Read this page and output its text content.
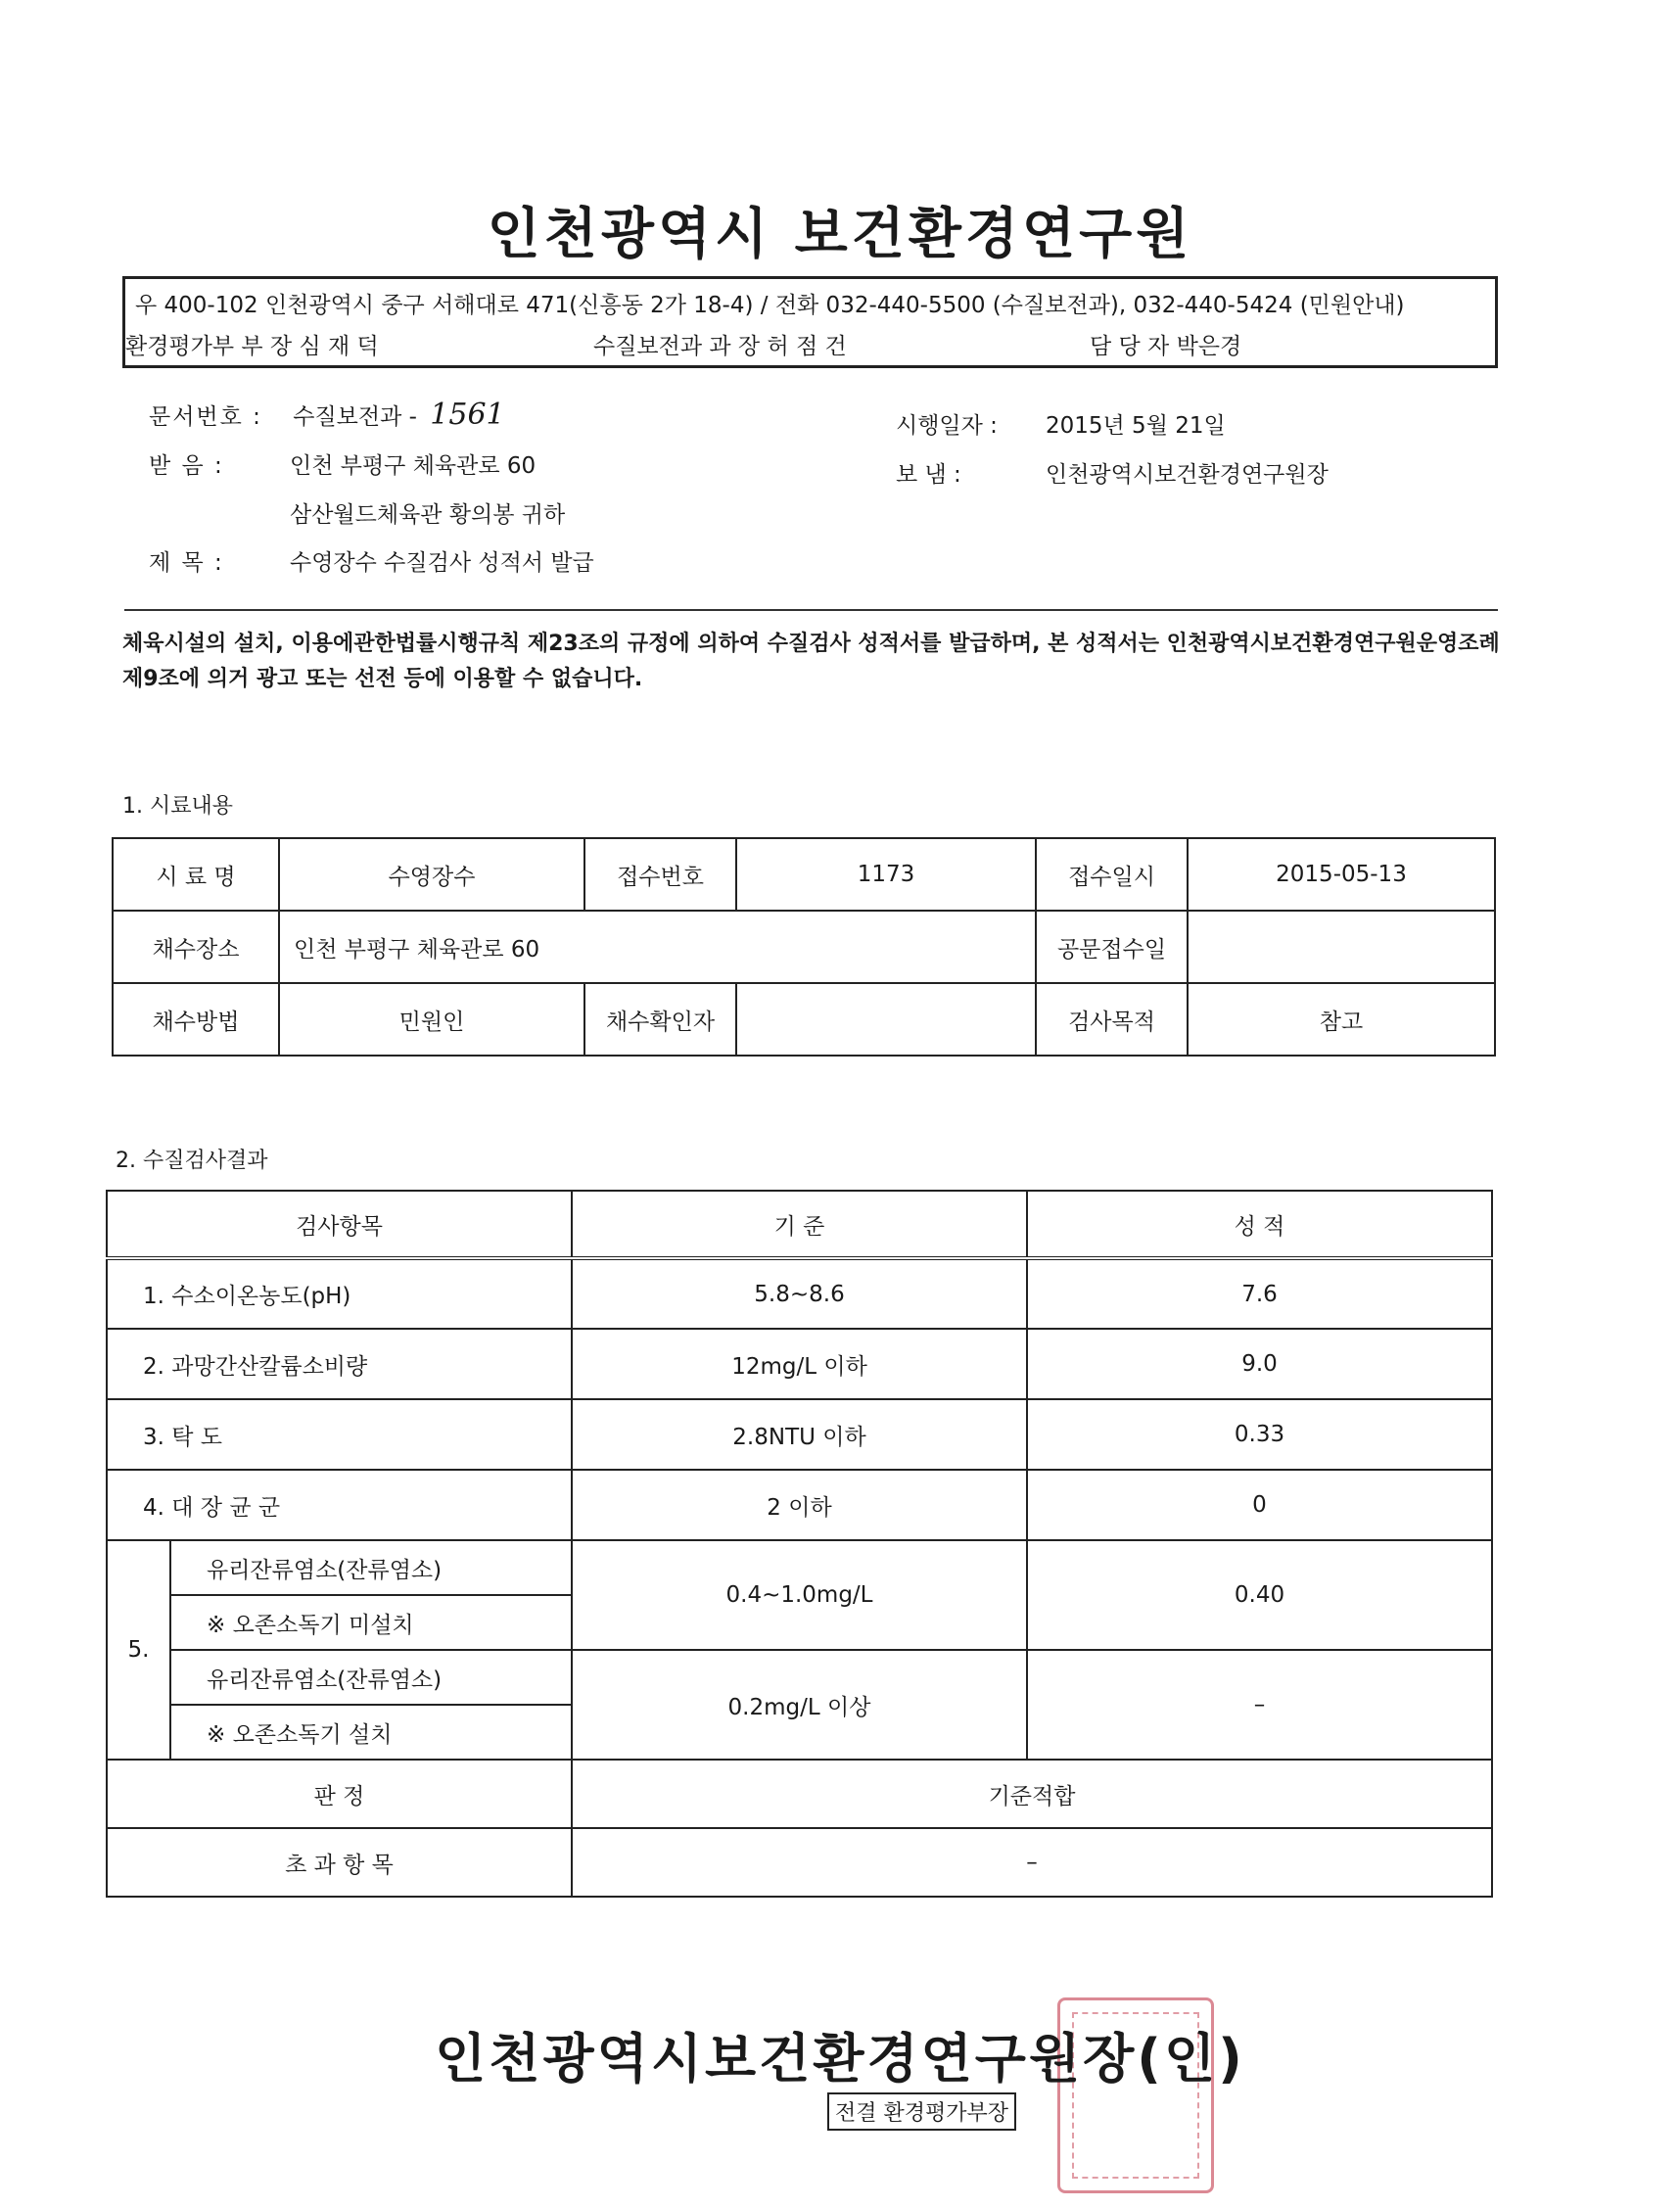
인천광역시 보건환경연구원
우 400-102 인천광역시 중구 서해대로 471(신흥동 2가 18-4) / 전화 032-440-5500 (수질보전과), 032-440-5424 (민원안내)
환경평가부 부 장 심 재 덕	수질보전과 과 장 허 점 건	담 당 자 박은경
문서번호 : 수질보전과 - 1561
받 음 :	인천 부평구 체육관로 60
삼산월드체육관 황의봉 귀하
제 목 :	수영장수 수질검사 성적서 발급
시행일자 : 2015년 5월 21일
보 냄 :	인천광역시보건환경연구원장
체육시설의 설치, 이용에관한법률시행규칙 제23조의 규정에 의하여 수질검사 성적서를 발급하며, 본 성적서는 인천광역시보건환경연구원운영조례 제9조에 의거 광고 또는 선전 등에 이용할 수 없습니다.
1. 시료내용
시 료 명	수영장수	접수번호	1173	접수일시	2015-05-13
채수장소	인천 부평구 체육관로 60			공문접수일	
채수방법	민원인	채수확인자		검사목적	참고
2. 수질검사결과
검사항목		기 준	성 적
1. 수소이온농도(pH)		5.8~8.6	7.6
2. 과망간산칼륨소비량		12mg/L 이하	9.0
3. 탁 도		2.8NTU 이하	0.33
4. 대 장 균 군		2 이하	0
5.	유리잔류염소(잔류염소)	0.4~1.0mg/L	0.40
	※ 오존소독기 미설치		
	유리잔류염소(잔류염소)	0.2mg/L 이상	–
	※ 오존소독기 설치		
판 정		기준적합	
초 과 항 목		–	
인천광역시보건환경연구원장(인)
전결 환경평가부장
